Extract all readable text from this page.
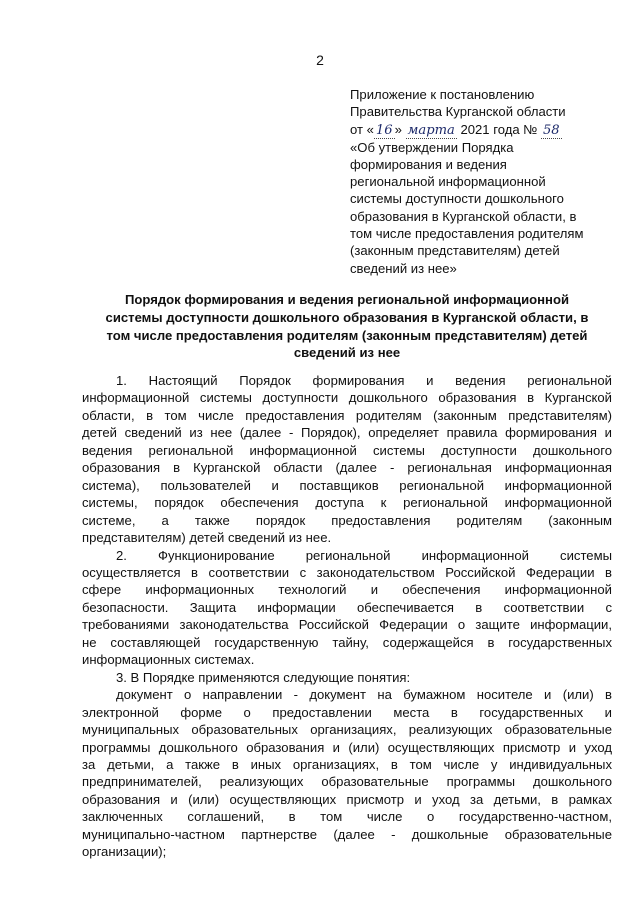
2
Приложение к постановлению
Правительства Курганской области
от « 16 » марта 2021 года № 58
«Об утверждении Порядка
формирования и ведения
региональной информационной
системы доступности дошкольного
образования в Курганской области, в
том числе предоставления родителям
(законным представителям) детей
сведений из нее»
Порядок формирования и ведения региональной информационной
системы доступности дошкольного образования в Курганской области, в
том числе предоставления родителям (законным представителям) детей
сведений из нее
1. Настоящий Порядок формирования и ведения региональной
информационной системы доступности дошкольного образования в Курганской
области, в том числе предоставления родителям (законным представителям)
детей сведений из нее (далее - Порядок), определяет правила формирования и
ведения региональной информационной системы доступности дошкольного
образования в Курганской области (далее - региональная информационная
система), пользователей и поставщиков региональной информационной
системы, порядок обеспечения доступа к региональной информационной
системе, а также порядок предоставления родителям (законным
представителям) детей сведений из нее.
2. Функционирование региональной информационной системы
осуществляется в соответствии с законодательством Российской Федерации в
сфере информационных технологий и обеспечения информационной
безопасности. Защита информации обеспечивается в соответствии с
требованиями законодательства Российской Федерации о защите информации,
не составляющей государственную тайну, содержащейся в государственных
информационных системах.
3. В Порядке применяются следующие понятия:
документ о направлении - документ на бумажном носителе и (или) в
электронной форме о предоставлении места в государственных и
муниципальных образовательных организациях, реализующих образовательные
программы дошкольного образования и (или) осуществляющих присмотр и уход
за детьми, а также в иных организациях, в том числе у индивидуальных
предпринимателей, реализующих образовательные программы дошкольного
образования и (или) осуществляющих присмотр и уход за детьми, в рамках
заключенных соглашений, в том числе о государственно-частном,
муниципально-частном партнерстве (далее - дошкольные образовательные
организации);
